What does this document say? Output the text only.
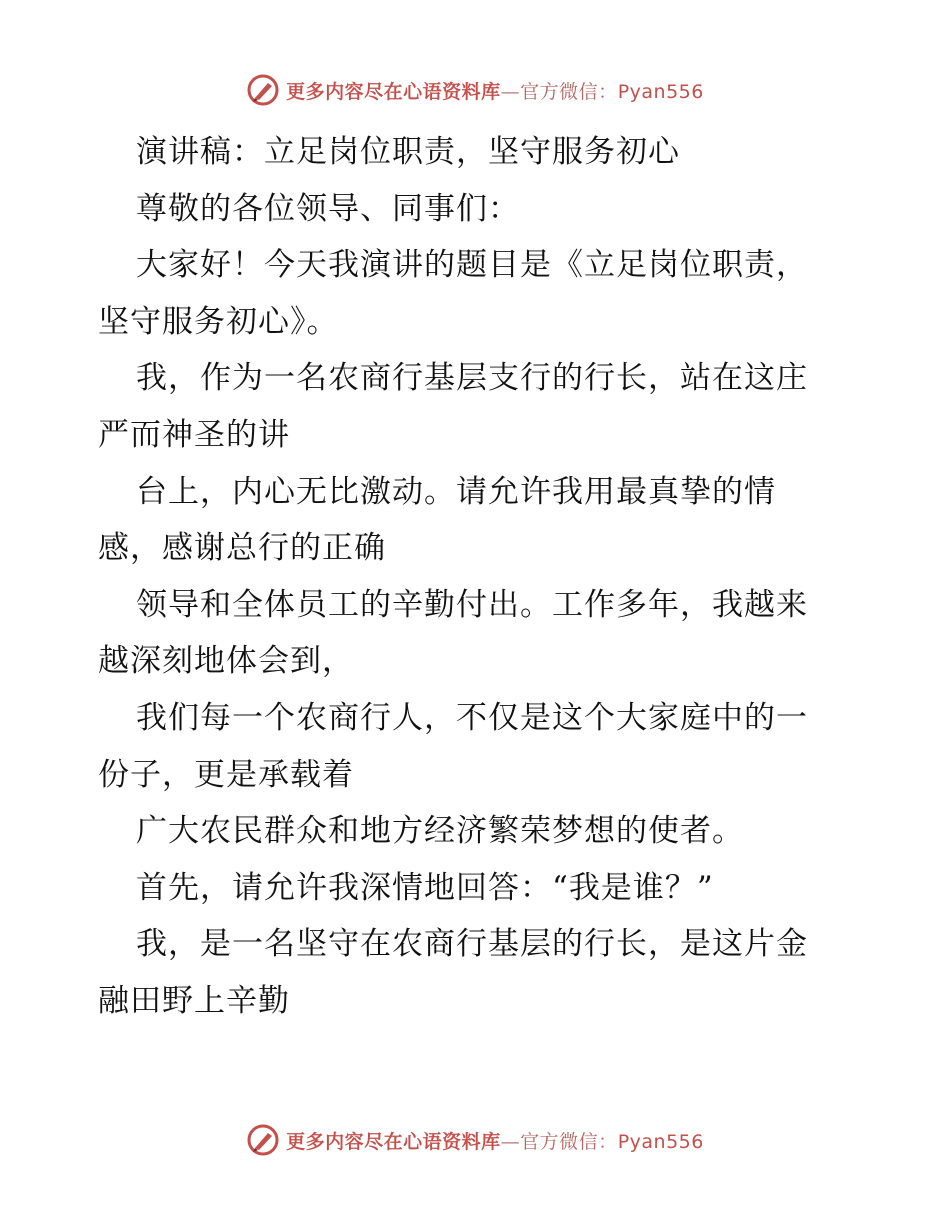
更多内容尽在心语资料库—官方微信：Pyan556
演讲稿：立足岗位职责，坚守服务初心
尊敬的各位领导、同事们：
大家好！今天我演讲的题目是《立足岗位职责，
坚守服务初心》。
我，作为一名农商行基层支行的行长，站在这庄
严而神圣的讲
台上，内心无比激动。请允许我用最真挚的情
感，感谢总行的正确
领导和全体员工的辛勤付出。工作多年，我越来
越深刻地体会到，
我们每一个农商行人，不仅是这个大家庭中的一
份子，更是承载着
广大农民群众和地方经济繁荣梦想的使者。
首先，请允许我深情地回答：“我是谁？”
我，是一名坚守在农商行基层的行长，是这片金
融田野上辛勤
更多内容尽在心语资料库—官方微信：Pyan556
